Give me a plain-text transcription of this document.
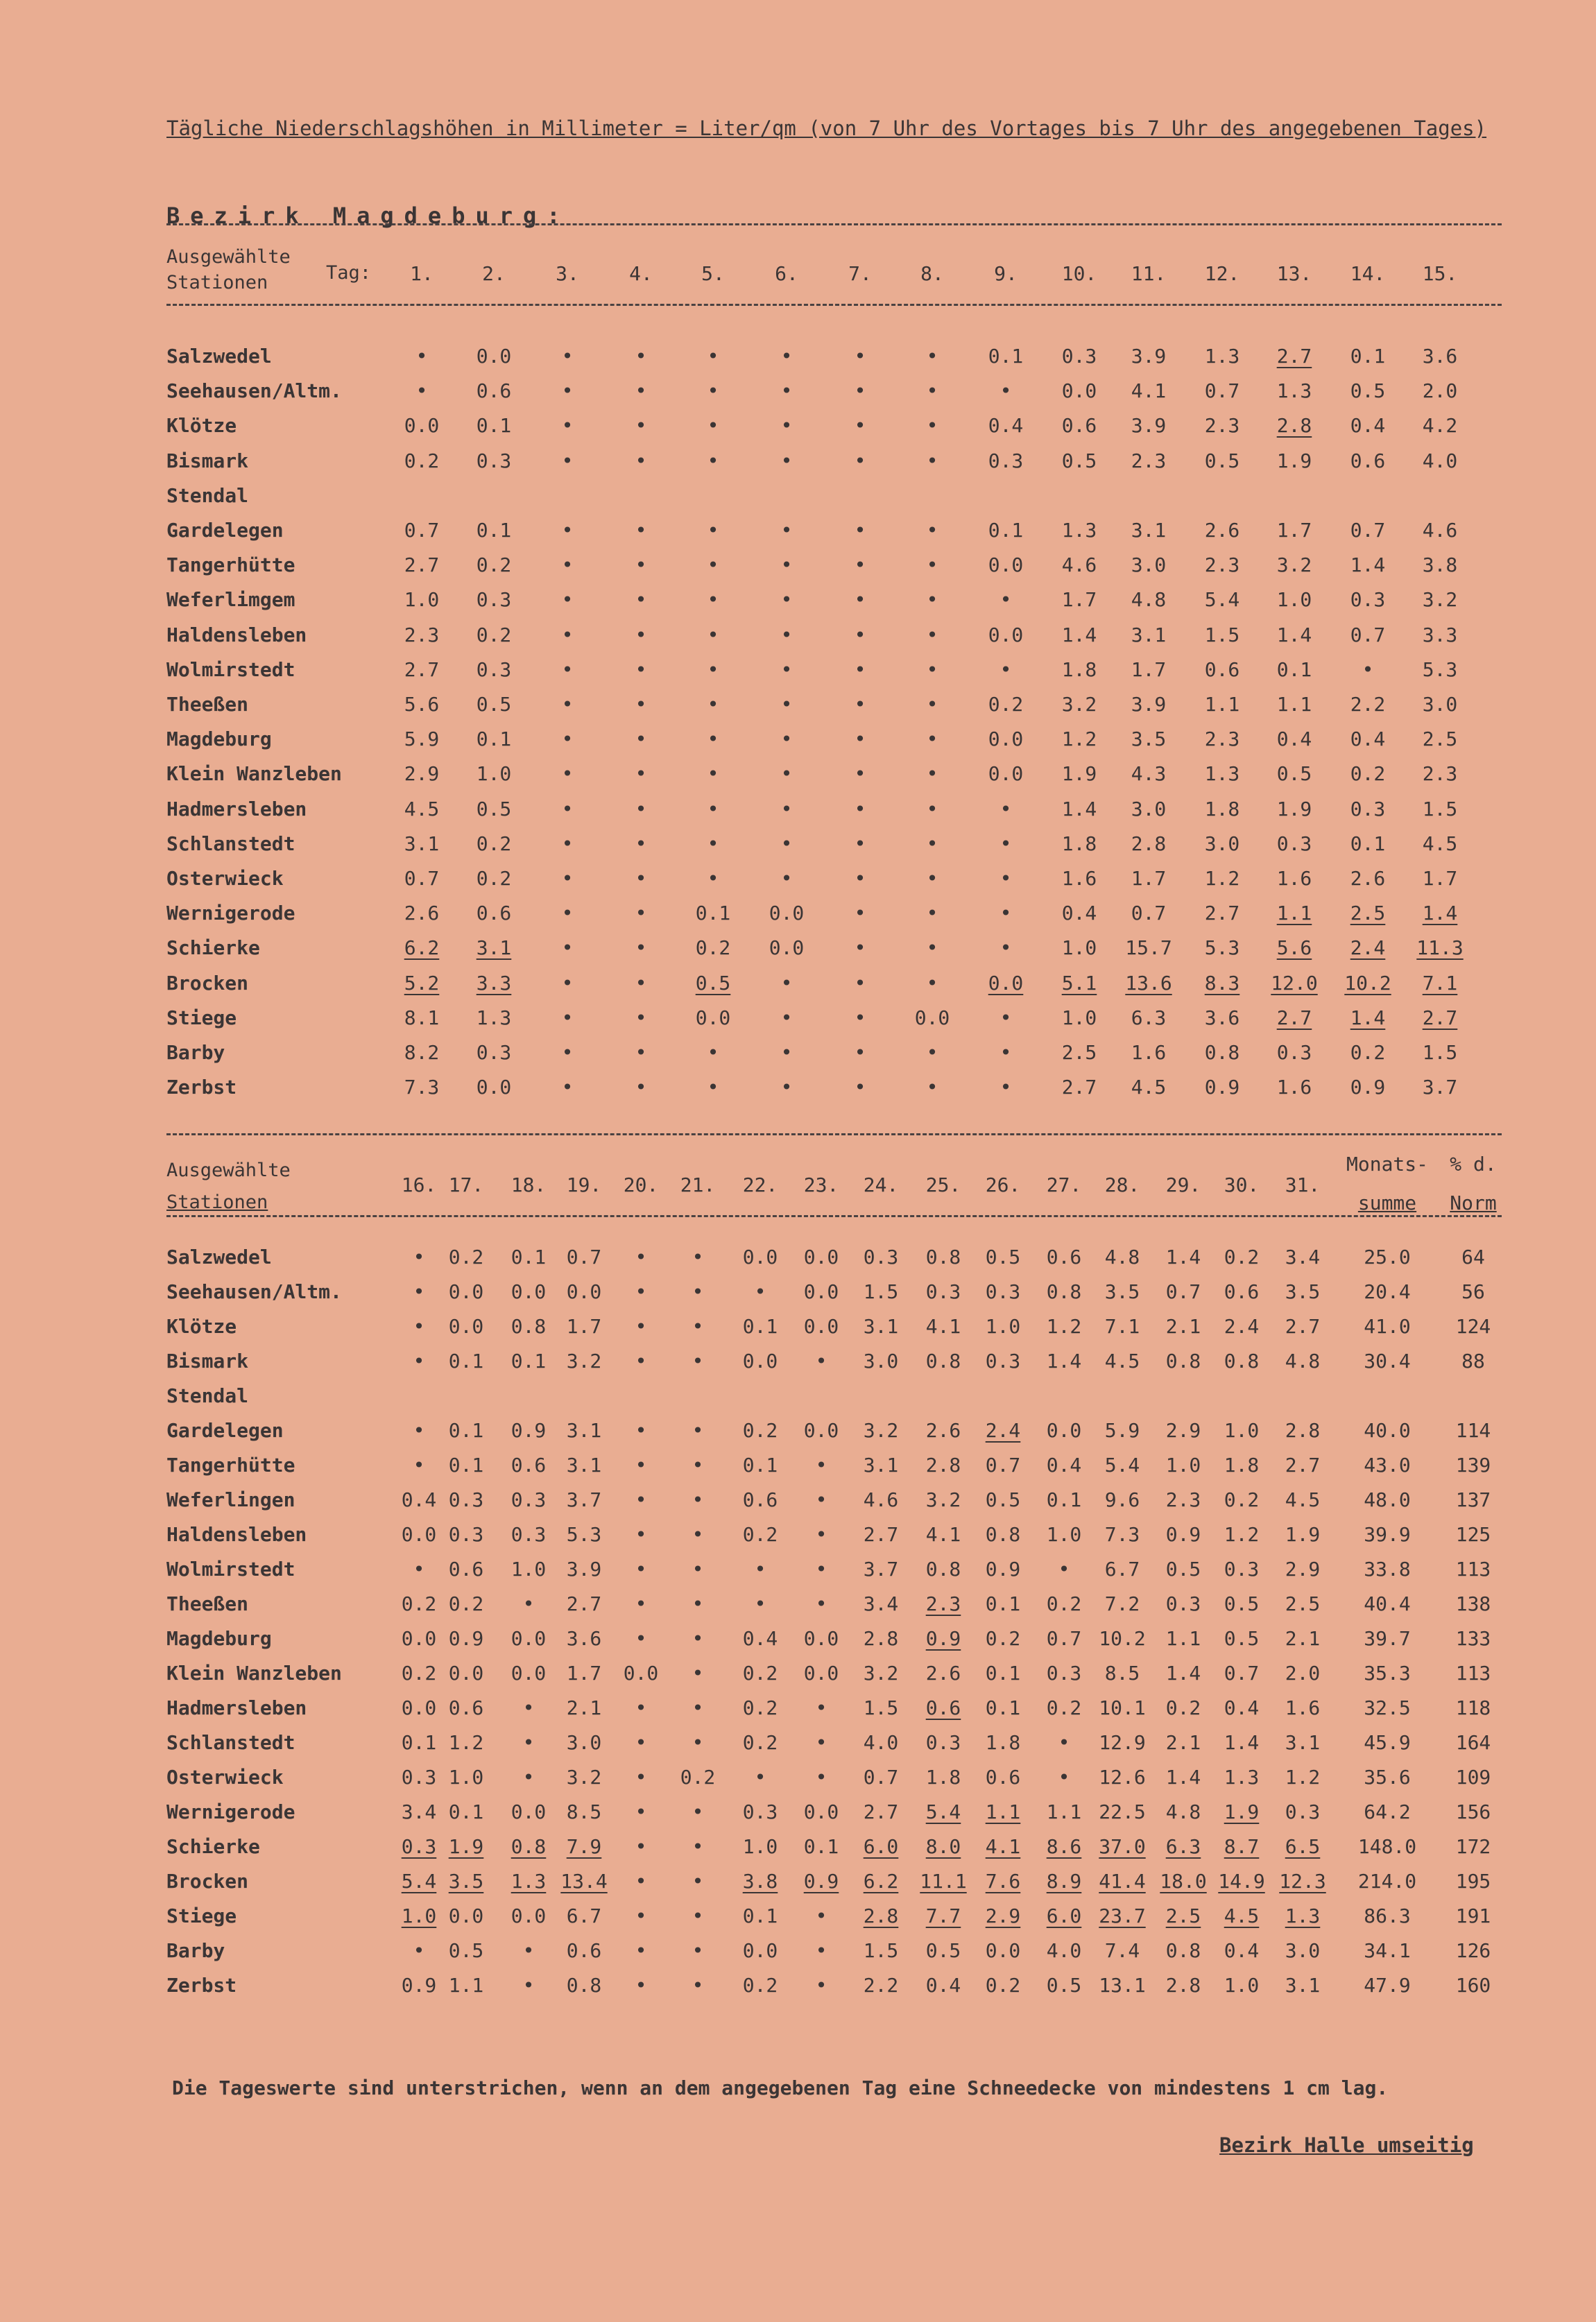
Tägliche Niederschlagshöhen in Millimeter = Liter/qm (von 7 Uhr des Vortages bis 7 Uhr des angegebenen Tages)
Bezirk Magdeburg:
Ausgewählte
Stationen	Tag: 1.	2.	3.	4.	5.	6.	7.	8.	9. 10. 11. 12. 13. 14. 15.
Salzwedel	•	0.0	•	•	•	•	•	•	0.1 0.3 3.9 1.3 2.7 0.1 3.6
Seehausen/Altm.	•	0.6	•	•	•	•	•	•	•	0.0 4.1 0.7 1.3 0.5 2.0
Klötze	0.0 0.1	•	•	•	•	•	•	0.4 0.6 3.9 2.3 2.8 0.4 4.2
Bismark	0.2 0.3	•	•	•	•	•	•	0.3 0.5 2.3 0.5 1.9 0.6 4.0
Stendal
Gardelegen	0.7 0.1	•	•	•	•	•	•	0.1 1.3 3.1 2.6 1.7 0.7 4.6
Tangerhütte	2.7 0.2	•	•	•	•	•	•	0.0 4.6 3.0 2.3 3.2 1.4 3.8
Weferlimgem	1.0 0.3	•	•	•	•	•	•	•	1.7 4.8 5.4 1.0 0.3 3.2
Haldensleben	2.3 0.2	•	•	•	•	•	•	0.0 1.4 3.1 1.5 1.4 0.7 3.3
Wolmirstedt	2.7 0.3	•	•	•	•	•	•	•	1.8 1.7 0.6 0.1	•	5.3
Theeßen	5.6 0.5	•	•	•	•	•	•	0.2 3.2 3.9 1.1 1.1 2.2 3.0
Magdeburg	5.9 0.1	•	•	•	•	•	•	0.0 1.2 3.5 2.3 0.4 0.4 2.5
Klein Wanzleben	2.9 1.0	•	•	•	•	•	•	0.0 1.9 4.3 1.3 0.5 0.2 2.3
Hadmersleben	4.5 0.5	•	•	•	•	•	•	•	1.4 3.0 1.8 1.9 0.3 1.5
Schlanstedt	3.1 0.2	•	•	•	•	•	•	•	1.8 2.8 3.0 0.3 0.1 4.5
Osterwieck	0.7 0.2	•	•	•	•	•	•	•	1.6 1.7 1.2 1.6 2.6 1.7
Wernigerode	2.6 0.6	•	•	0.1 0.0	•	•	•	0.4 0.7 2.7 1.1 2.5 1.4
Schierke	6.2 3.1	•	•	0.2 0.0	•	•	•	1.0 15.7 5.3 5.6 2.4 11.3
Brocken	5.2 3.3	•	•	0.5	•	•	•	0.0 5.1 13.6 8.3 12.0 10.2 7.1
Stiege	8.1 1.3	•	•	0.0	•	•	0.0	•	1.0 6.3 3.6 2.7 1.4 2.7
Barby	8.2 0.3	•	•	•	•	•	•	•	2.5 1.6 0.8 0.3 0.2 1.5
Zerbst	7.3 0.0	•	•	•	•	•	•	•	2.7 4.5 0.9 1.6 0.9 3.7
Ausgewählte
Stationen
16. 17. 18. 19. 20. 21. 22. 23. 24. 25. 26. 27. 28. 29. 30. 31.
Monats-
summe
% d.
Norm
Salzwedel	• 0.2 0.1 0.7 • • 0.0 0.0 0.3 0.8 0.5 0.6 4.8 1.4 0.2 3.4 25.0	64
Seehausen/Altm.	• 0.0 0.0 0.0 • •	• 0.0 1.5 0.3 0.3 0.8 3.5 0.7 0.6 3.5 20.4	56
Klötze	• 0.0 0.8 1.7 • • 0.1 0.0 3.1 4.1 1.0 1.2 7.1 2.1 2.4 2.7 41.0 124
Bismark	• 0.1 0.1 3.2 • • 0.0 • 3.0 0.8 0.3 1.4 4.5 0.8 0.8 4.8 30.4	88
Stendal
Gardelegen	• 0.1 0.9 3.1 • • 0.2 0.0 3.2 2.6 2.4 0.0 5.9 2.9 1.0 2.8 40.0 114
Tangerhütte	• 0.1 0.6 3.1 • • 0.1 • 3.1 2.8 0.7 0.4 5.4 1.0 1.8 2.7 43.0 139
Weferlingen	0.4 0.3 0.3 3.7 • • 0.6 • 4.6 3.2 0.5 0.1 9.6 2.3 0.2 4.5 48.0 137
Haldensleben	0.0 0.3 0.3 5.3 • • 0.2 • 2.7 4.1 0.8 1.0 7.3 0.9 1.2 1.9 39.9 125
Wolmirstedt	• 0.6 1.0 3.9 • •	•	• 3.7 0.8 0.9 • 6.7 0.5 0.3 2.9 33.8 113
Theeßen	0.2 0.2 • 2.7 • •	•	• 3.4 2.3 0.1 0.2 7.2 0.3 0.5 2.5 40.4 138
Magdeburg	0.0 0.9 0.0 3.6 • • 0.4 0.0 2.8 0.9 0.2 0.7 10.2 1.1 0.5 2.1 39.7 133
Klein Wanzleben	0.2 0.0 0.0 1.7 0.0 • 0.2 0.0 3.2 2.6 0.1 0.3 8.5 1.4 0.7 2.0 35.3 113
Hadmersleben	0.0 0.6 • 2.1 • • 0.2 • 1.5 0.6 0.1 0.2 10.1 0.2 0.4 1.6 32.5 118
Schlanstedt	0.1 1.2 • 3.0 • • 0.2 • 4.0 0.3 1.8 • 12.9 2.1 1.4 3.1 45.9 164
Osterwieck	0.3 1.0 • 3.2 • 0.2 •	• 0.7 1.8 0.6 • 12.6 1.4 1.3 1.2 35.6 109
Wernigerode	3.4 0.1 0.0 8.5 • • 0.3 0.0 2.7 5.4 1.1 1.1 22.5 4.8 1.9 0.3 64.2 156
Schierke	0.3 1.9 0.8 7.9 • • 1.0 0.1 6.0 8.0 4.1 8.6 37.0 6.3 8.7 6.5 148.0 172
Brocken	5.4 3.5 1.3 13.4 • • 3.8 0.9 6.2 11.1 7.6 8.9 41.4 18.0 14.9 12.3 214.0 195
Stiege	1.0 0.0 0.0 6.7 • • 0.1 • 2.8 7.7 2.9 6.0 23.7 2.5 4.5 1.3 86.3 191
Barby	• 0.5 • 0.6 • • 0.0 • 1.5 0.5 0.0 4.0 7.4 0.8 0.4 3.0 34.1 126
Zerbst	0.9 1.1 • 0.8 • • 0.2 • 2.2 0.4 0.2 0.5 13.1 2.8 1.0 3.1 47.9 160
Die Tageswerte sind unterstrichen, wenn an dem angegebenen Tag eine Schneedecke von mindestens 1 cm lag.
Bezirk Halle umseitig
